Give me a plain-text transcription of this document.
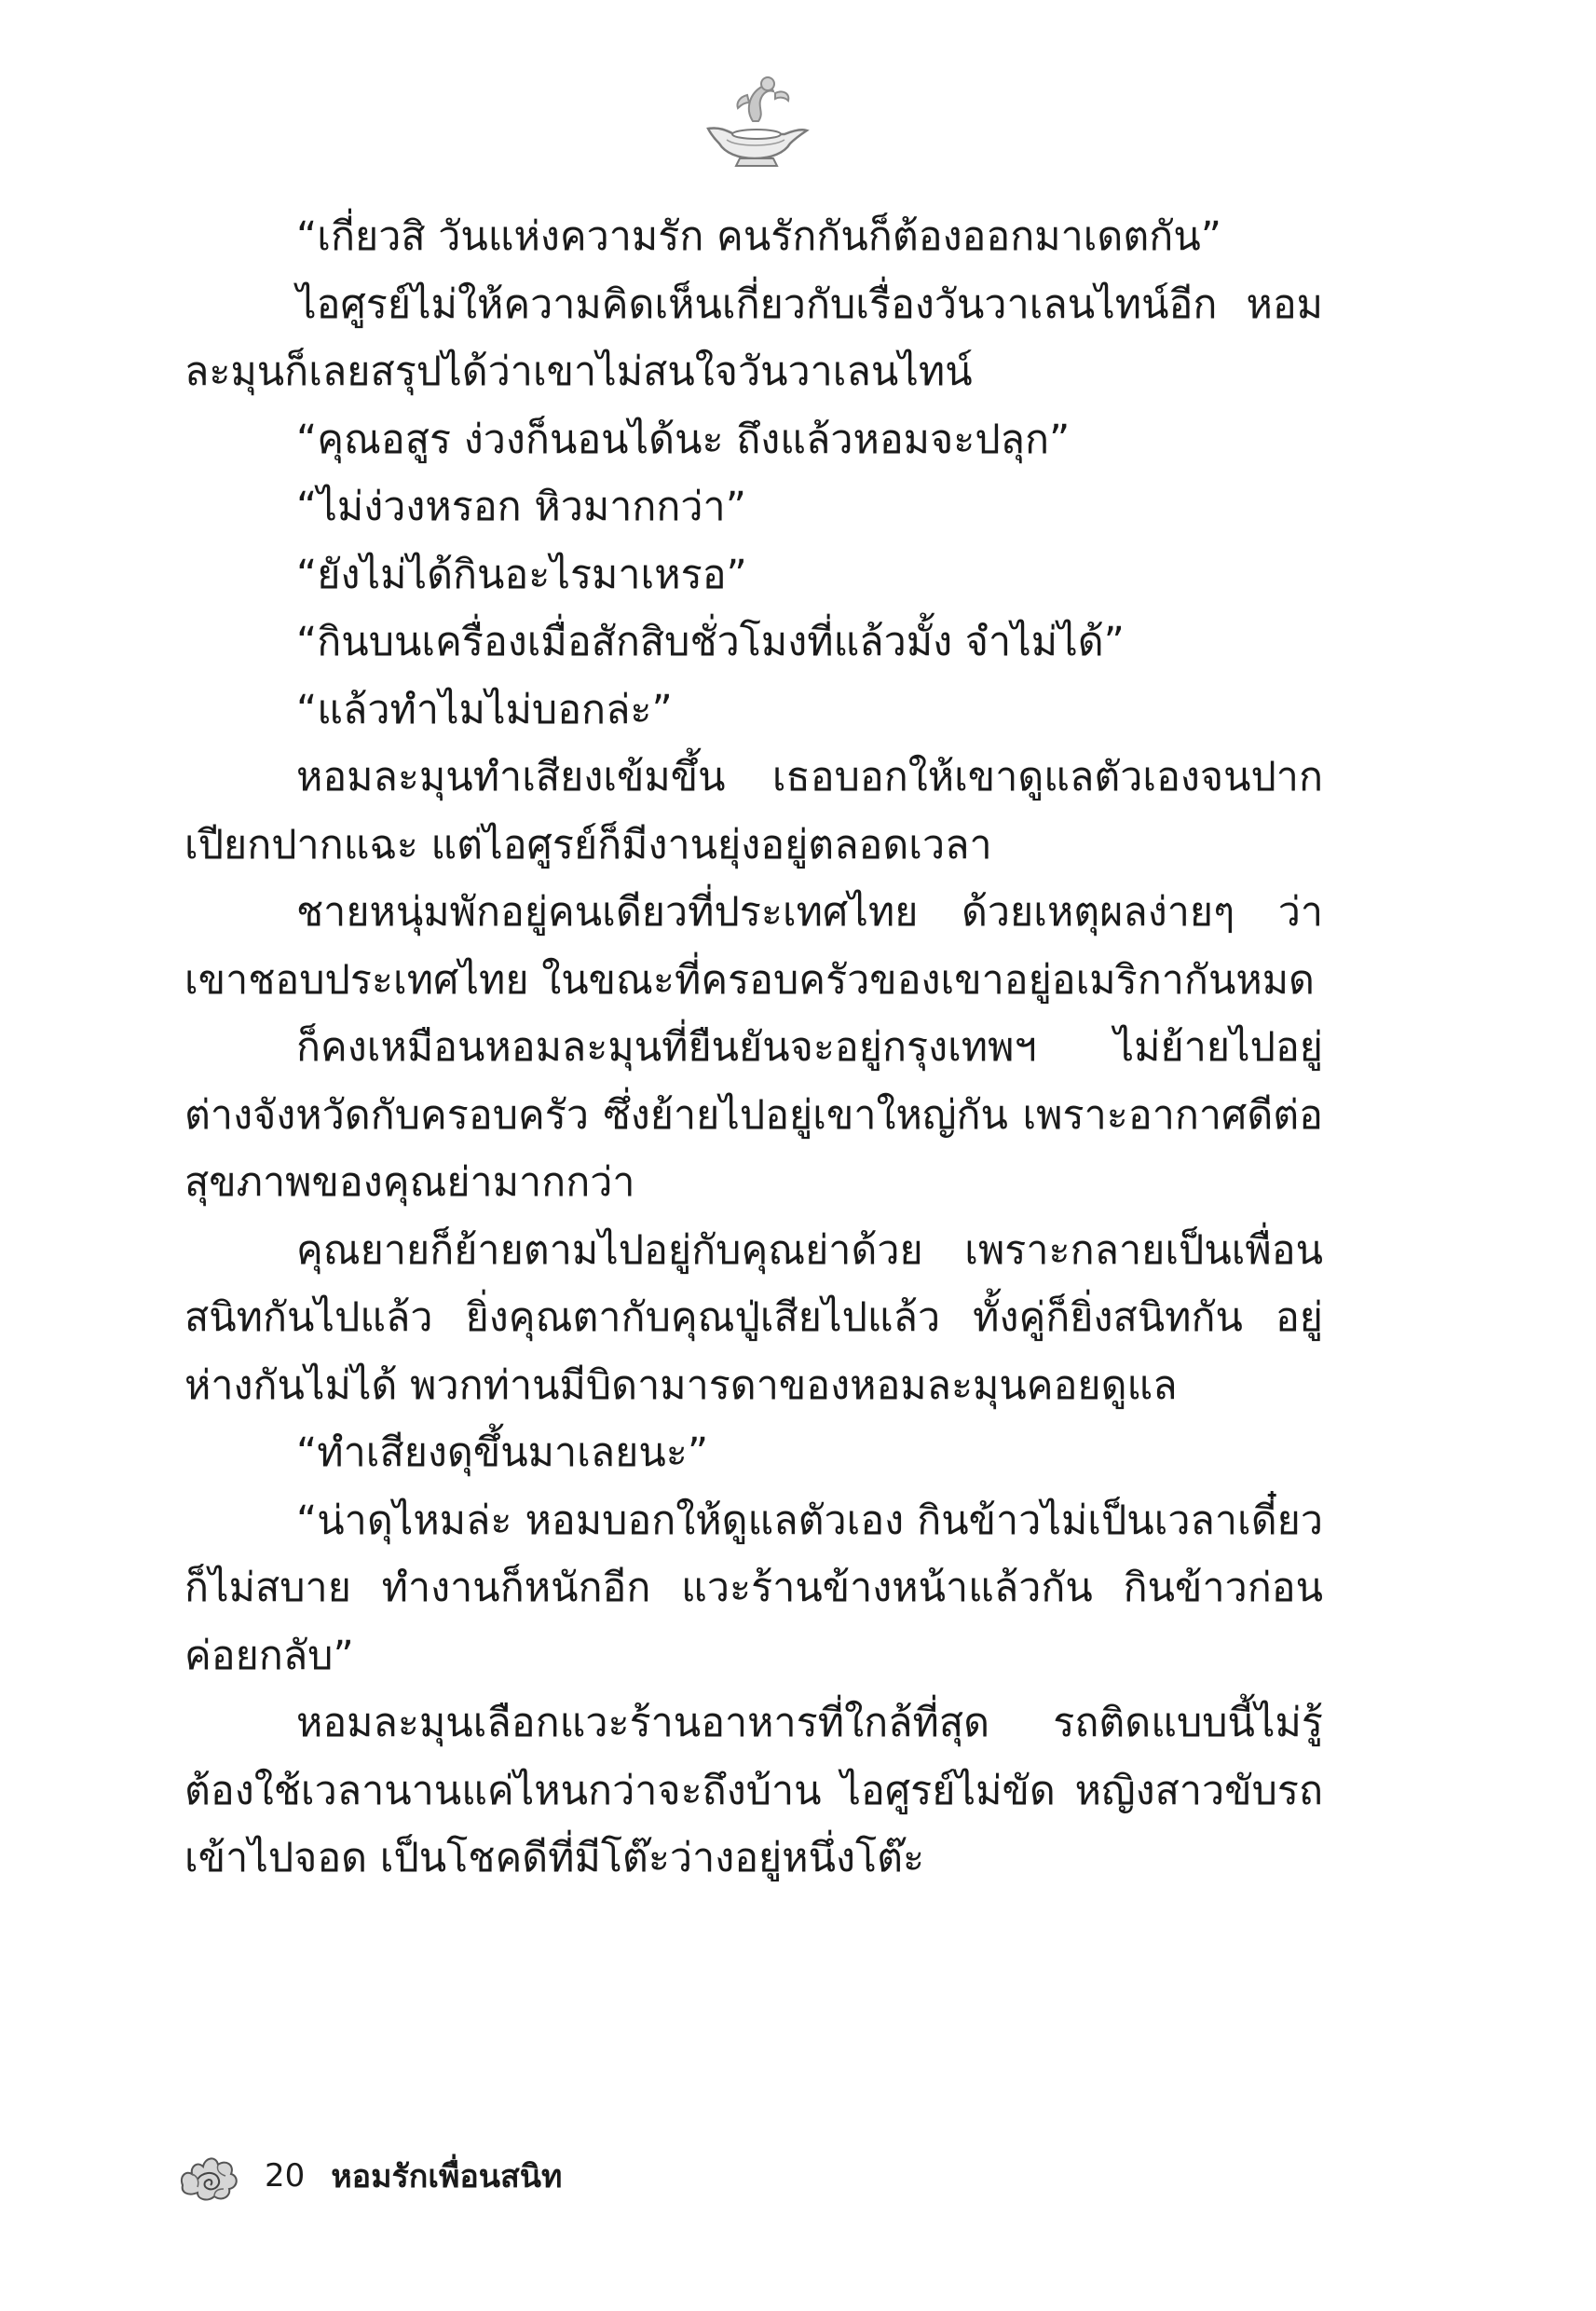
“เกี่ยวสิ วันแห่งความรัก คนรักกันก็ต้องออกมาเดตกัน”

ไอศูรย์ไม่ให้ความคิดเห็นเกี่ยวกับเรื่องวันวาเลนไทน์อีก หอมละมุนก็เลยสรุปได้ว่าเขาไม่สนใจวันวาเลนไทน์

“คุณอสูร ง่วงก็นอนได้นะ ถึงแล้วหอมจะปลุก”

“ไม่ง่วงหรอก หิวมากกว่า”

“ยังไม่ได้กินอะไรมาเหรอ”

“กินบนเครื่องเมื่อสักสิบชั่วโมงที่แล้วมั้ง จำไม่ได้”

“แล้วทำไมไม่บอกล่ะ”

หอมละมุนทำเสียงเข้มขึ้น เธอบอกให้เขาดูแลตัวเองจนปากเปียกปากแฉะ แต่ไอศูรย์ก็มีงานยุ่งอยู่ตลอดเวลา

ชายหนุ่มพักอยู่คนเดียวที่ประเทศไทย ด้วยเหตุผลง่ายๆ ว่าเขาชอบประเทศไทย ในขณะที่ครอบครัวของเขาอยู่อเมริกากันหมด

ก็คงเหมือนหอมละมุนที่ยืนยันจะอยู่กรุงเทพฯ ไม่ย้ายไปอยู่ต่างจังหวัดกับครอบครัว ซึ่งย้ายไปอยู่เขาใหญ่กัน เพราะอากาศดีต่อสุขภาพของคุณย่ามากกว่า

คุณยายก็ย้ายตามไปอยู่กับคุณย่าด้วย เพราะกลายเป็นเพื่อนสนิทกันไปแล้ว ยิ่งคุณตากับคุณปู่เสียไปแล้ว ทั้งคู่ก็ยิ่งสนิทกัน อยู่ห่างกันไม่ได้ พวกท่านมีบิดามารดาของหอมละมุนคอยดูแล

“ทำเสียงดุขึ้นมาเลยนะ”

“น่าดุไหมล่ะ หอมบอกให้ดูแลตัวเอง กินข้าวไม่เป็นเวลาเดี๋ยวก็ไม่สบาย ทำงานก็หนักอีก แวะร้านข้างหน้าแล้วกัน กินข้าวก่อนค่อยกลับ”

หอมละมุนเลือกแวะร้านอาหารที่ใกล้ที่สุด รถติดแบบนี้ไม่รู้ต้องใช้เวลานานแค่ไหนกว่าจะถึงบ้าน ไอศูรย์ไม่ขัด หญิงสาวขับรถเข้าไปจอด เป็นโชคดีที่มีโต๊ะว่างอยู่หนึ่งโต๊ะ

20 หอมรักเพื่อนสนิท
